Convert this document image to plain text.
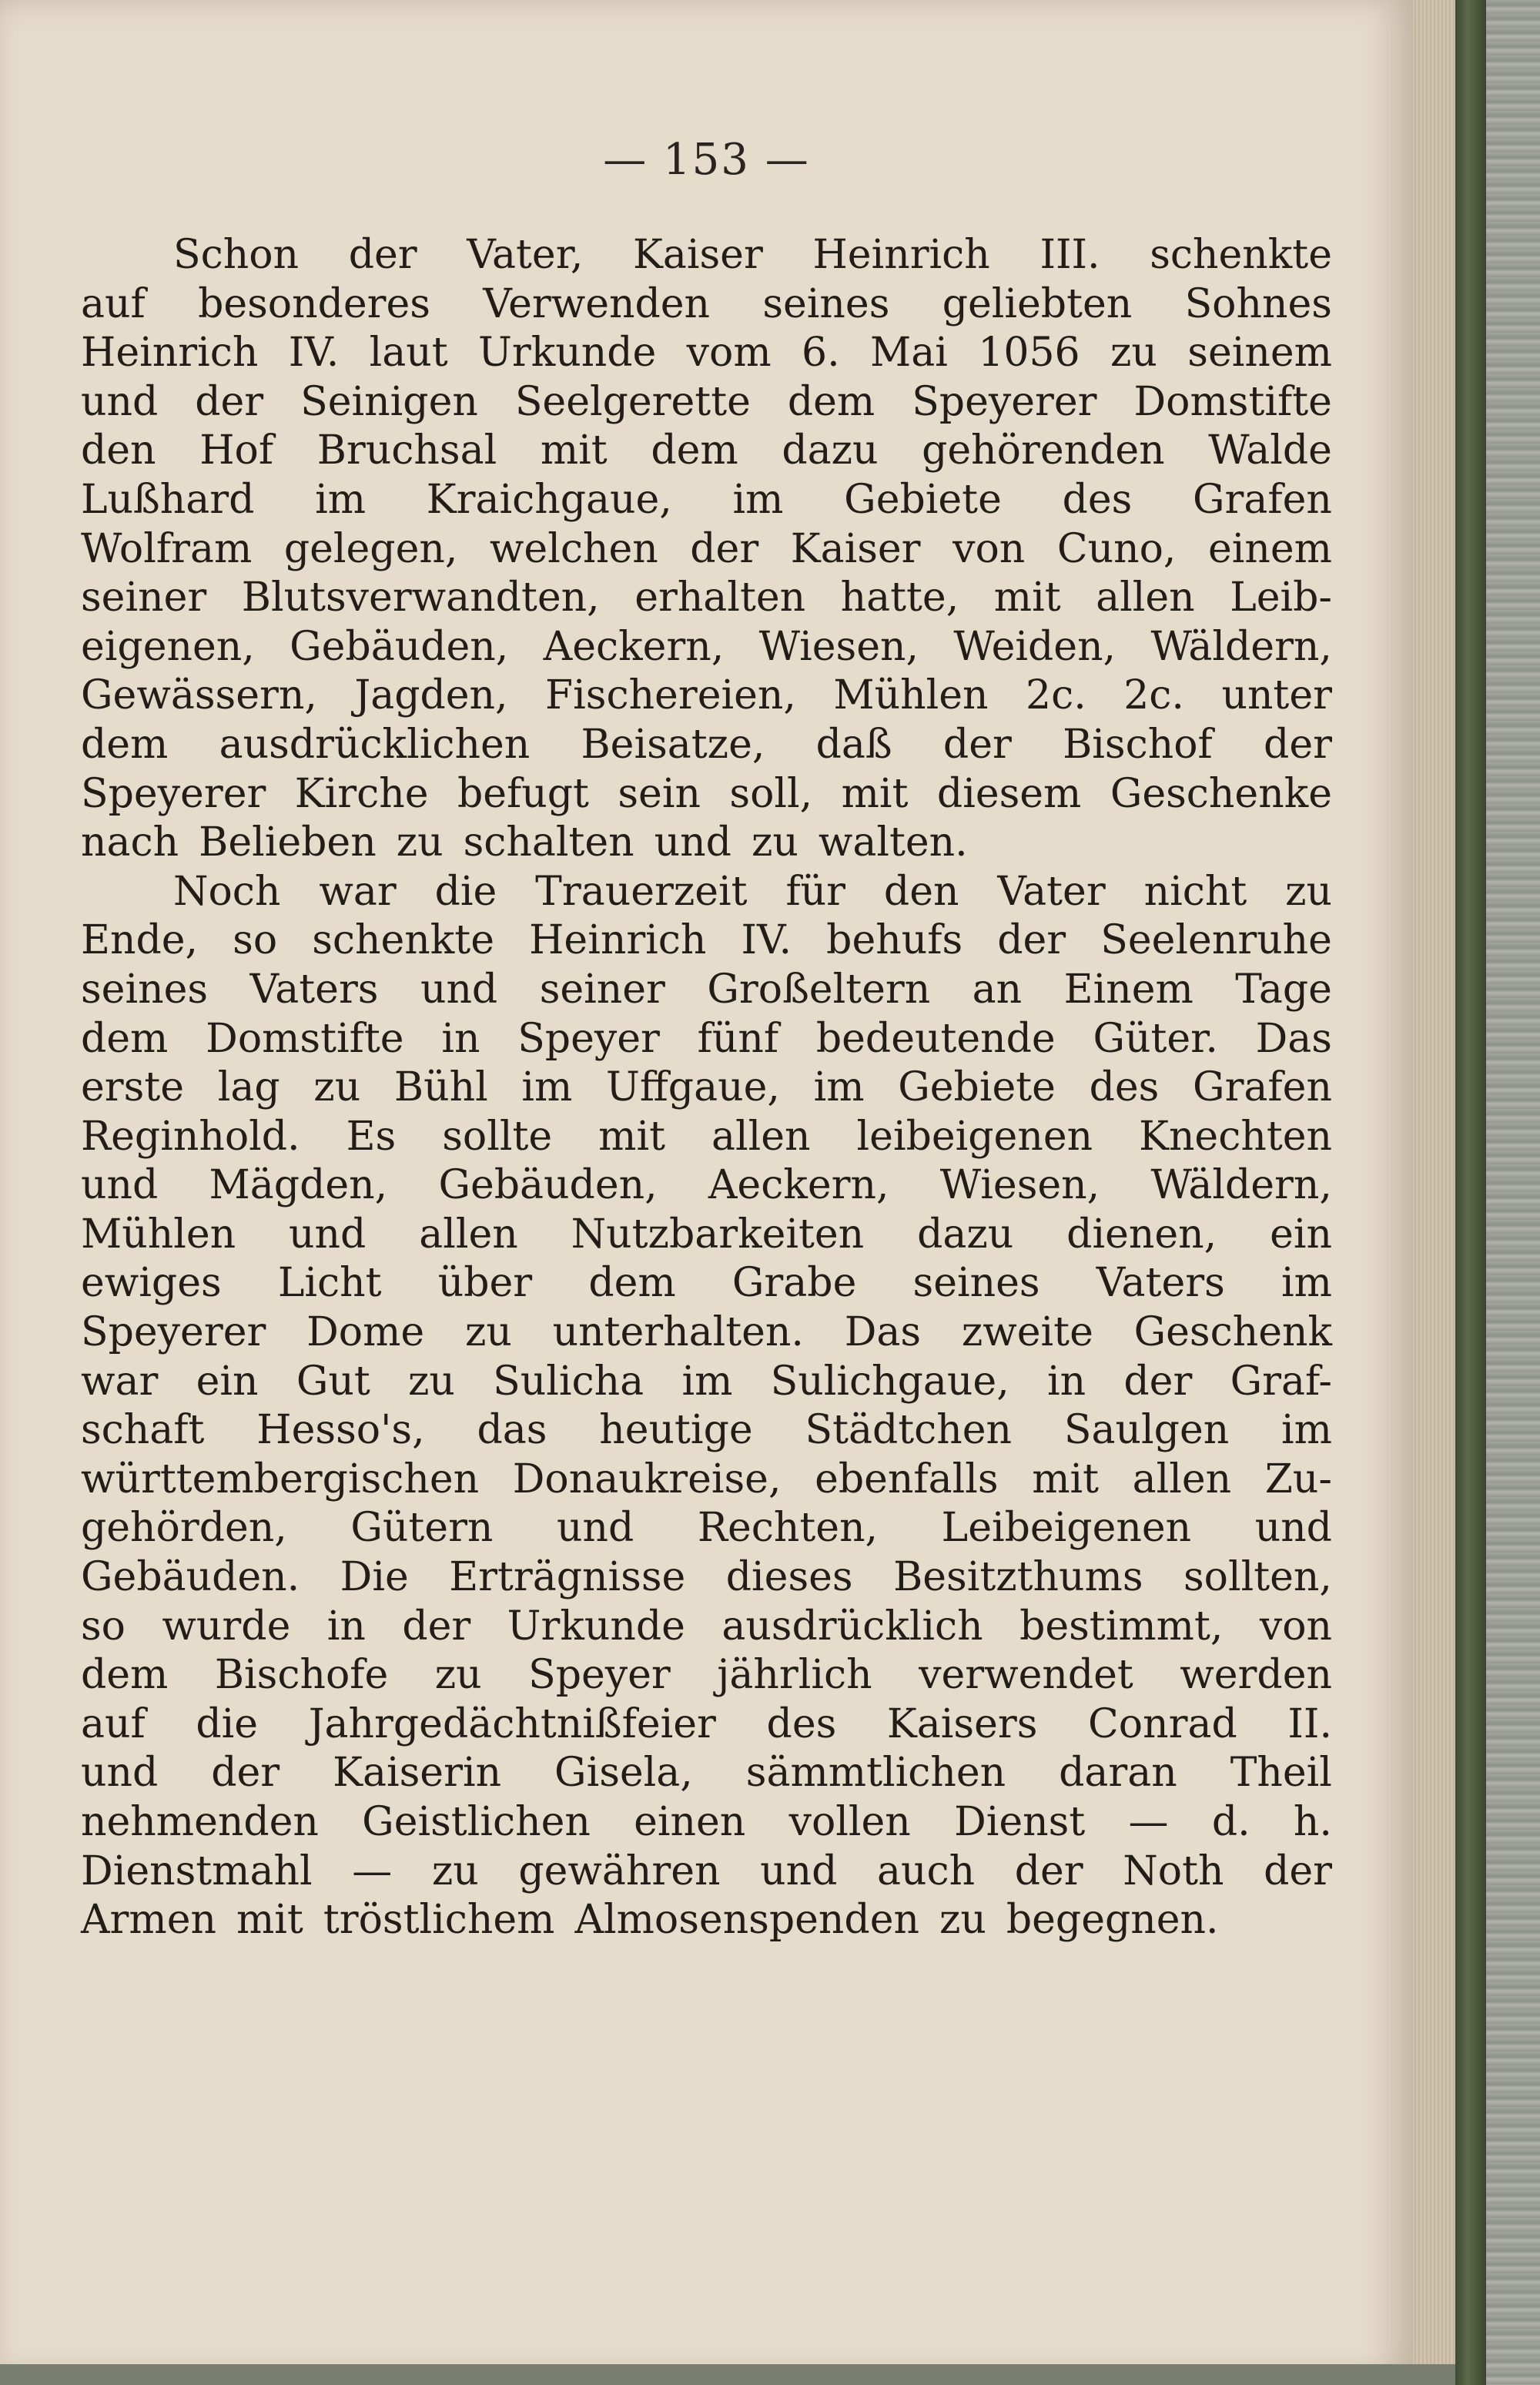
— 153 —
Schon der Vater, Kaiser Heinrich III. schenkte
auf besonderes Verwenden seines geliebten Sohnes
Heinrich IV. laut Urkunde vom 6. Mai 1056 zu seinem
und der Seinigen Seelgerette dem Speyerer Domstifte
den Hof Bruchsal mit dem dazu gehörenden Walde
Lußhard im Kraichgaue, im Gebiete des Grafen
Wolfram gelegen, welchen der Kaiser von Cuno, einem
seiner Blutsverwandten, erhalten hatte, mit allen Leib-
eigenen, Gebäuden, Aeckern, Wiesen, Weiden, Wäldern,
Gewässern, Jagden, Fischereien, Mühlen 2c. 2c. unter
dem ausdrücklichen Beisatze, daß der Bischof der
Speyerer Kirche befugt sein soll, mit diesem Geschenke
nach Belieben zu schalten und zu walten.
Noch war die Trauerzeit für den Vater nicht zu
Ende, so schenkte Heinrich IV. behufs der Seelenruhe
seines Vaters und seiner Großeltern an Einem Tage
dem Domstifte in Speyer fünf bedeutende Güter. Das
erste lag zu Bühl im Uffgaue, im Gebiete des Grafen
Reginhold. Es sollte mit allen leibeigenen Knechten
und Mägden, Gebäuden, Aeckern, Wiesen, Wäldern,
Mühlen und allen Nutzbarkeiten dazu dienen, ein
ewiges Licht über dem Grabe seines Vaters im
Speyerer Dome zu unterhalten. Das zweite Geschenk
war ein Gut zu Sulicha im Sulichgaue, in der Graf-
schaft Hesso's, das heutige Städtchen Saulgen im
württembergischen Donaukreise, ebenfalls mit allen Zu-
gehörden, Gütern und Rechten, Leibeigenen und
Gebäuden. Die Erträgnisse dieses Besitzthums sollten,
so wurde in der Urkunde ausdrücklich bestimmt, von
dem Bischofe zu Speyer jährlich verwendet werden
auf die Jahrgedächtnißfeier des Kaisers Conrad II.
und der Kaiserin Gisela, sämmtlichen daran Theil
nehmenden Geistlichen einen vollen Dienst — d. h.
Dienstmahl — zu gewähren und auch der Noth der
Armen mit tröstlichem Almosenspenden zu begegnen.
